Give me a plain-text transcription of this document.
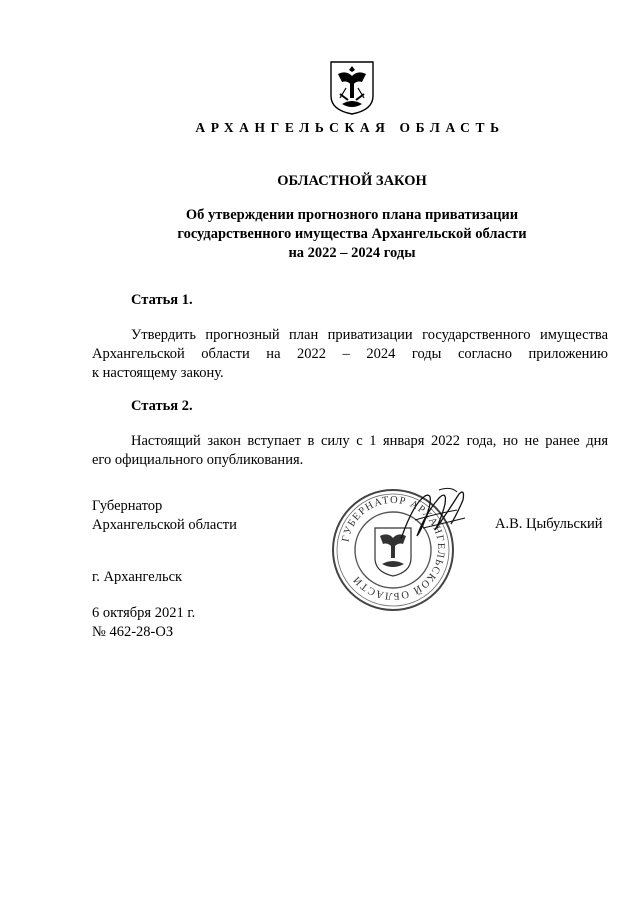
АРХАНГЕЛЬСКАЯ ОБЛАСТЬ
ОБЛАСТНОЙ ЗАКОН
Об утверждении прогнозного плана приватизации
государственного имущества Архангельской области
на 2022 – 2024 годы
Статья 1.
Утвердить прогнозный план приватизации государственного имущества
Архангельской области на 2022 – 2024 годы согласно приложению
к настоящему закону.
Статья 2.
Настоящий закон вступает в силу с 1 января 2022 года, но не ранее дня
его официального опубликования.
Губернатор
Архангельской области
ГУБЕРНАТОР АРХАНГЕЛЬСКОЙ ОБЛАСТИ
А.В. Цыбульский
г. Архангельск
6 октября 2021 г.
№ 462-28-ОЗ
